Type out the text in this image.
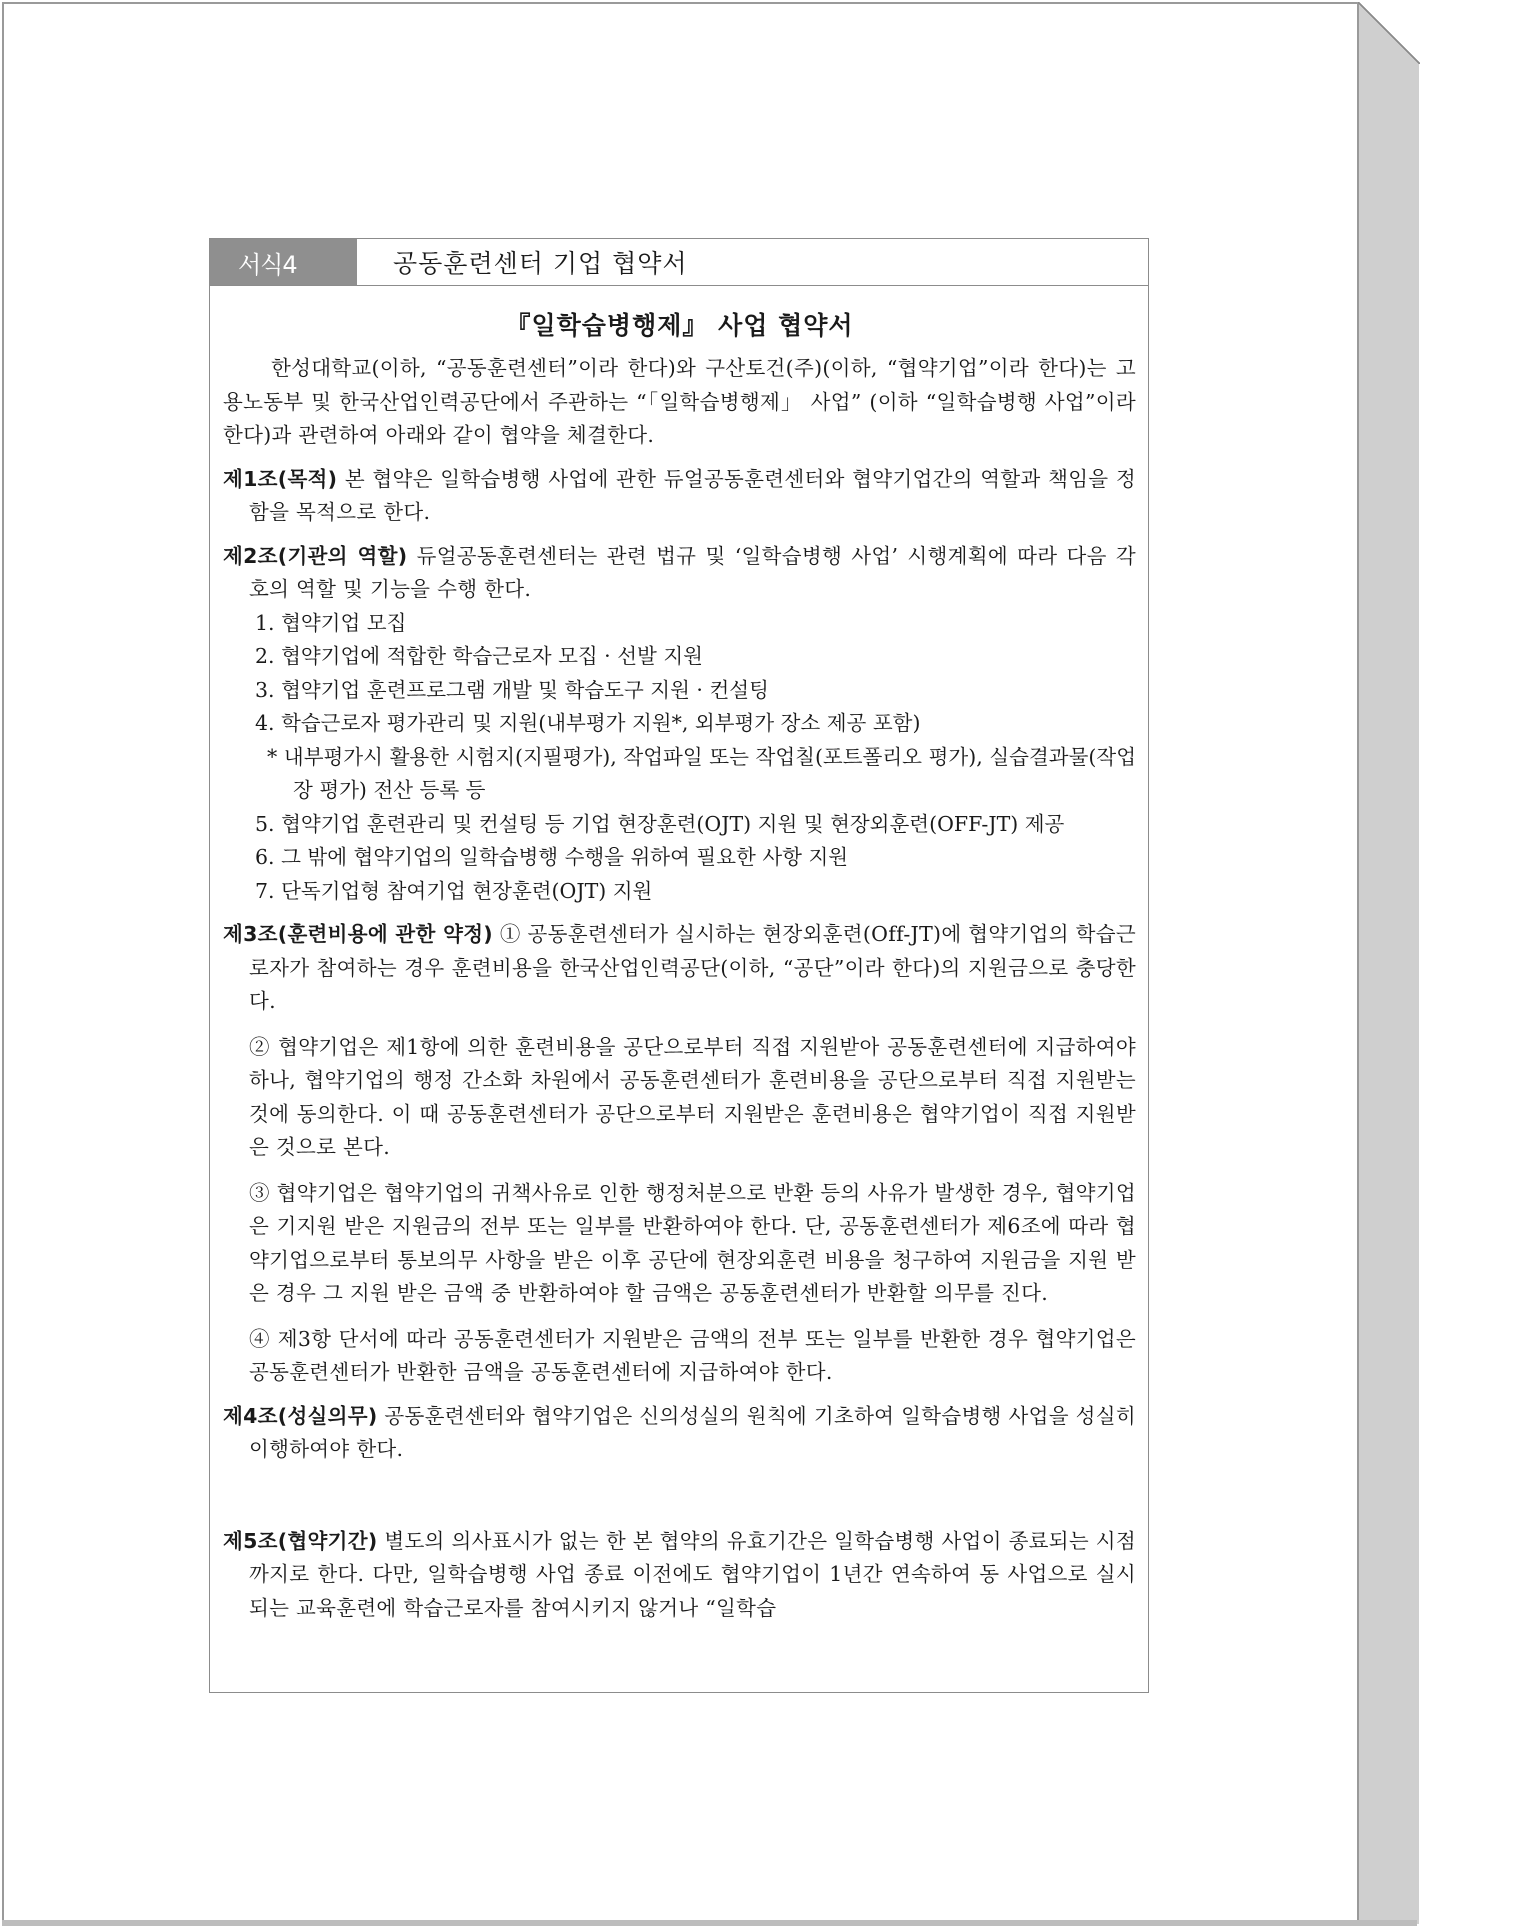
서식4	공동훈련센터 기업 협약서
『일학습병행제』 사업 협약서
한성대학교(이하, “공동훈련센터”이라 한다)와 구산토건(주)(이하, “협약기업”이라 한다)는 고용노동부 및 한국산업인력공단에서 주관하는 “「일학습병행제」 사업” (이하 “일학습병행 사업”이라 한다)과 관련하여 아래와 같이 협약을 체결한다.
제1조(목적) 본 협약은 일학습병행 사업에 관한 듀얼공동훈련센터와 협약기업간의 역할과 책임을 정함을 목적으로 한다.
제2조(기관의 역할) 듀얼공동훈련센터는 관련 법규 및 ‘일학습병행 사업’ 시행계획에 따라 다음 각 호의 역할 및 기능을 수행 한다.
1. 협약기업 모집
2. 협약기업에 적합한 학습근로자 모집 · 선발 지원
3. 협약기업 훈련프로그램 개발 및 학습도구 지원 · 컨설팅
4. 학습근로자 평가관리 및 지원(내부평가 지원*, 외부평가 장소 제공 포함)
* 내부평가시 활용한 시험지(지필평가), 작업파일 또는 작업칠(포트폴리오 평가), 실습결과물(작업장 평가) 전산 등록 등
5. 협약기업 훈련관리 및 컨설팅 등 기업 현장훈련(OJT) 지원 및 현장외훈련(OFF-JT) 제공
6. 그 밖에 협약기업의 일학습병행 수행을 위하여 필요한 사항 지원
7. 단독기업형 참여기업 현장훈련(OJT) 지원
제3조(훈련비용에 관한 약정) ① 공동훈련센터가 실시하는 현장외훈련(Off-JT)에 협약기업의 학습근로자가 참여하는 경우 훈련비용을 한국산업인력공단(이하, “공단”이라 한다)의 지원금으로 충당한다.
② 협약기업은 제1항에 의한 훈련비용을 공단으로부터 직접 지원받아 공동훈련센터에 지급하여야 하나, 협약기업의 행정 간소화 차원에서 공동훈련센터가 훈련비용을 공단으로부터 직접 지원받는 것에 동의한다. 이 때 공동훈련센터가 공단으로부터 지원받은 훈련비용은 협약기업이 직접 지원받은 것으로 본다.
③ 협약기업은 협약기업의 귀책사유로 인한 행정처분으로 반환 등의 사유가 발생한 경우, 협약기업은 기지원 받은 지원금의 전부 또는 일부를 반환하여야 한다. 단, 공동훈련센터가 제6조에 따라 협약기업으로부터 통보의무 사항을 받은 이후 공단에 현장외훈련 비용을 청구하여 지원금을 지원 받은 경우 그 지원 받은 금액 중 반환하여야 할 금액은 공동훈련센터가 반환할 의무를 진다.
④ 제3항 단서에 따라 공동훈련센터가 지원받은 금액의 전부 또는 일부를 반환한 경우 협약기업은 공동훈련센터가 반환한 금액을 공동훈련센터에 지급하여야 한다.
제4조(성실의무) 공동훈련센터와 협약기업은 신의성실의 원칙에 기초하여 일학습병행 사업을 성실히 이행하여야 한다.
제5조(협약기간) 별도의 의사표시가 없는 한 본 협약의 유효기간은 일학습병행 사업이 종료되는 시점까지로 한다. 다만, 일학습병행 사업 종료 이전에도 협약기업이 1년간 연속하여 동 사업으로 실시되는 교육훈련에 학습근로자를 참여시키지 않거나 “일학습
